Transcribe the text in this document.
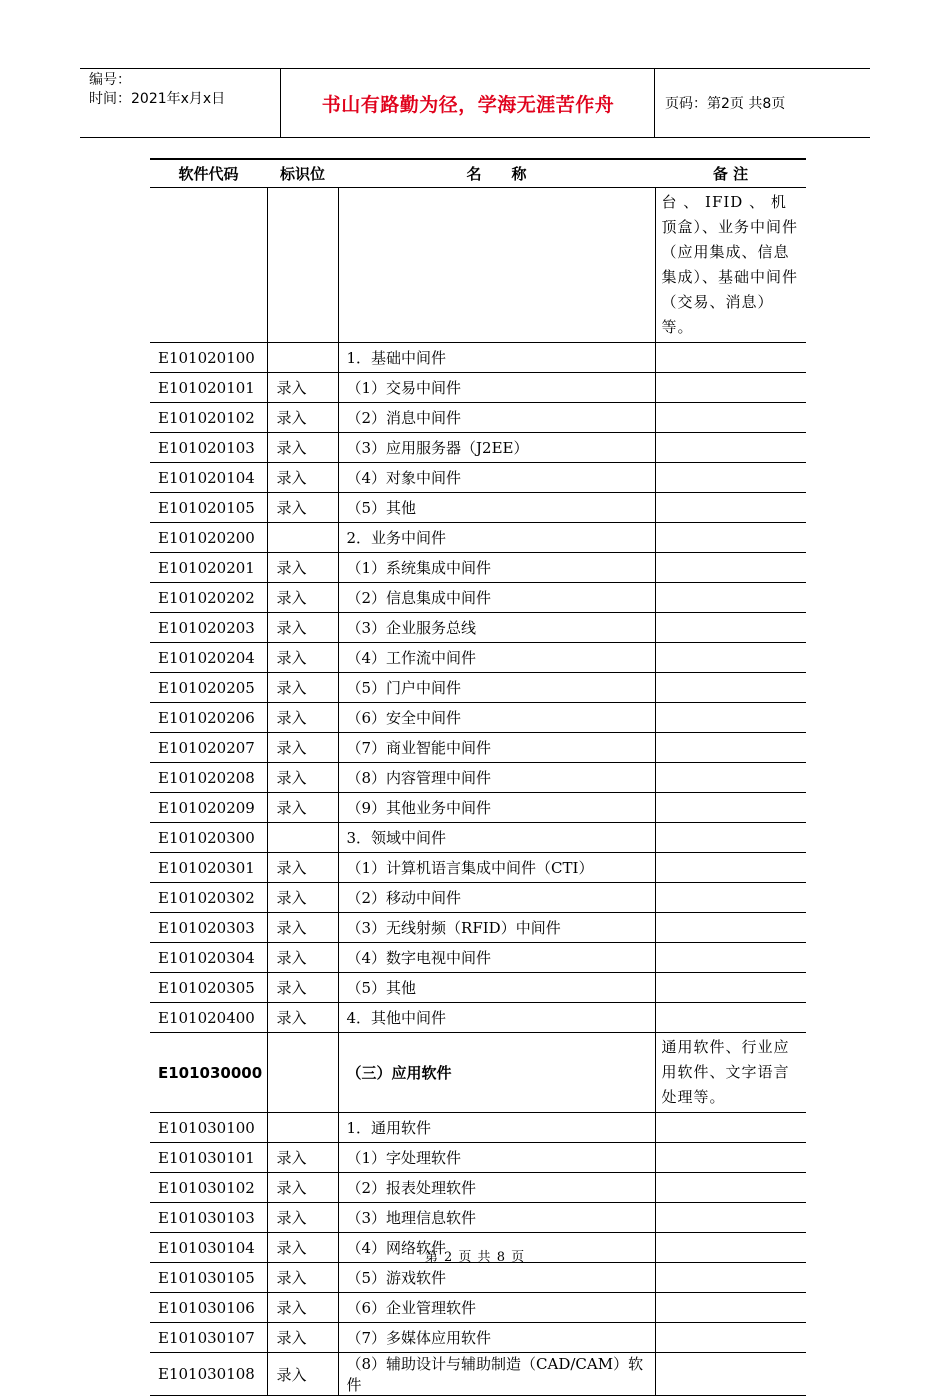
编号：
时间：2021年x月x日	书山有路勤为径，学海无涯苦作舟	页码：第2页 共8页
软件代码	标识位	名　　称	备 注
			台 、 IFID 、 机 顶盒）、业务中间件（应用集成、信息集成）、基础中间件（交易、消息）等。
E101020100		1．基础中间件	
E101020101	录入	（1）交易中间件	
E101020102	录入	（2）消息中间件	
E101020103	录入	（3）应用服务器（J2EE）	
E101020104	录入	（4）对象中间件	
E101020105	录入	（5）其他	
E101020200		2．业务中间件	
E101020201	录入	（1）系统集成中间件	
E101020202	录入	（2）信息集成中间件	
E101020203	录入	（3）企业服务总线	
E101020204	录入	（4）工作流中间件	
E101020205	录入	（5）门户中间件	
E101020206	录入	（6）安全中间件	
E101020207	录入	（7）商业智能中间件	
E101020208	录入	（8）内容管理中间件	
E101020209	录入	（9）其他业务中间件	
E101020300		3．领域中间件	
E101020301	录入	（1）计算机语言集成中间件（CTI）	
E101020302	录入	（2）移动中间件	
E101020303	录入	（3）无线射频（RFID）中间件	
E101020304	录入	（4）数字电视中间件	
E101020305	录入	（5）其他	
E101020400	录入	4．其他中间件	
E101030000		（三）应用软件	通用软件、行业应用软件、文字语言处理等。
E101030100		1．通用软件	
E101030101	录入	（1）字处理软件	
E101030102	录入	（2）报表处理软件	
E101030103	录入	（3）地理信息软件	
E101030104	录入	（4）网络软件	
E101030105	录入	（5）游戏软件	
E101030106	录入	（6）企业管理软件	
E101030107	录入	（7）多媒体应用软件	
E101030108	录入	（8）辅助设计与辅助制造（CAD/CAM）软件	
第 2 页 共 8 页
